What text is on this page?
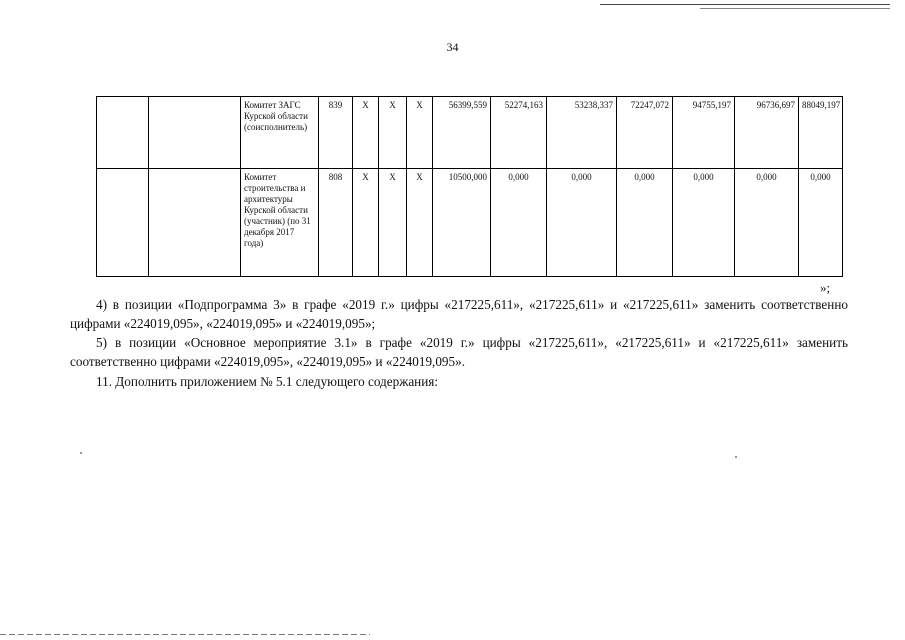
34
		Комитет ЗАГС Курской области (соисполнитель)	839	Х	Х	Х	56399,559	52274,163	53238,337	72247,072	94755,197	96736,697	88049,197
		Комитет строительства и архитектуры Курской области (участник) (по 31 декабря 2017 года)	808	Х	Х	Х	10500,000	0,000	0,000	0,000	0,000	0,000	0,000
»;
4) в позиции «Подпрограмма 3» в графе «2019 г.» цифры «217225,611», «217225,611» и «217225,611» заменить соответственно цифрами «224019,095», «224019,095» и «224019,095»;
5) в позиции «Основное мероприятие 3.1» в графе «2019 г.» цифры «217225,611», «217225,611» и «217225,611» заменить соответственно цифрами «224019,095», «224019,095» и «224019,095».
11. Дополнить приложением № 5.1 следующего содержания:
